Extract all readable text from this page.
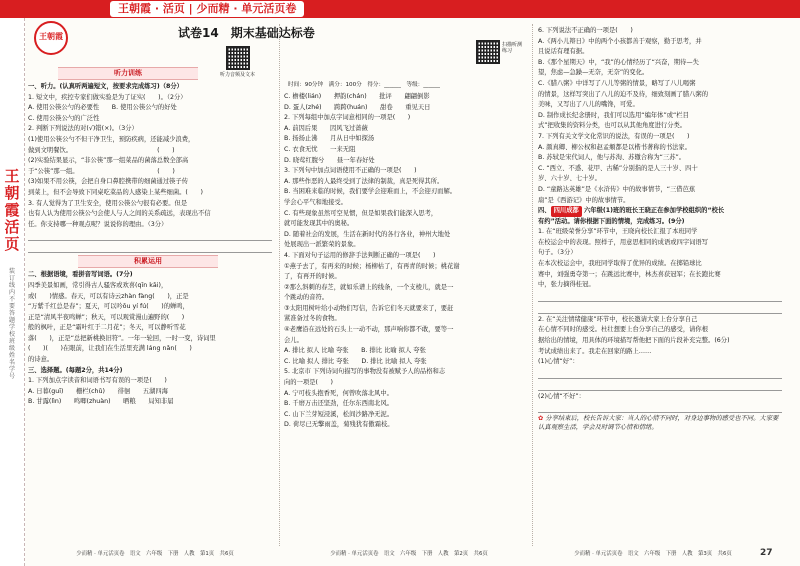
王朝霞 · 活页 | 少而精 · 单元活页卷
王朝霞活页
装订线 内不要答题 学校 班级 姓名 学号
王朝霞	试卷14　期末基础达标卷

听力训练	听力音频及文本

一、听力。(认真听两遍短文，按要求完成练习)（8分）

1. 短文中，疾控专家们做实验是为了证实(　　)。（2分）

A. 使用公筷公勺的必要性　　B. 使用公筷公勺的好处

C. 使用公筷公勺的广泛性

2. 判断下列说法的对(√)错(×)。（3分）

(1)使用公筷公勺不但干净卫生，预防疾病，还能减少浪费，

做到文明餐饮。　　　　　　　　　　　　　　(　　)

(2)实验结果显示，“非公筷”那一组菜品的菌落总数全部高

于“公筷”那一组。　　　　　　　　　　　　　(　　)

(3)如果不用公筷，会把自身口鼻腔携带的细菌通过筷子传

到菜上，但不会导致下同桌吃菜品的人感染上某些细菌。(　　)

3. 有人觉得为了卫生安全，使用公筷公勺很有必要。但是

也有人认为使用公筷公勺会使人与人之间的关系疏远，表现出不信

任。你支持哪一种观点呢？说说你的理由。（3分）

积累运用

二、根据语境，看拼音写词语。(7分)

四季美景如画，常引得古人骚客或欢喜(qīn kāi)，

或(　　)情感。春天，可以有诗云zhàn fàng(　　)，正是

“万紫千红总是春”；夏天，可以吟ōu yí fú(　　)的蝉鸣，

正是“清风半夜鸣蝉”；秋天，可以观赏漫山遍野的(　　)

般的枫叶，正是“霜叶红于二月花”；冬天，可以静听雪花

落(　　)，正是“总把新桃换旧符”。一年一轮回，一时一变，诗词里

(　　)(　　)在眼前，让我们在生活里充满 láng nǎn(　　)

的诗意。

三、选择题。(每题2分，共14分)

1. 下列加点字读音和词语书写有误的一项是(　　)

A. 日暮(guī)　　栅栏(chǔ)　　徘徊　　五湖四海

B. 甘露(lìn)　　鸣唧(zhuàn)　　晒粮　　局知非届

少而精 · 单元活页卷　语文　六年级　下册　人教　第1页　共6页

时间：90分钟　满分：100分　得分：______　等级：______

扫描听测练习

C. 檐楼(lián)　　押韵(chán)　　批评　　翩翩倒影

D. 蛋人(zhé)　　跨跨(huán)　　甜卷　　重见天日

2. 下列每组中加点字词意相同的一项是(　　)

A. 前因后果　　因风飞过蔷薇

B. 扬扬止沸　　月从日中如探汤

C. 衣食无忧　　一来无阻

D. 晓莺红腹兮　　昼一年春好处

3. 下列句中加点词语使用不正确的一项是(　　)

A. 那些作恶的人最终受到了法律的制裁，真是死得其所。

B. 当困难来临的时候，我们要学会迎难而上，不会迎刃而解。

学会心平气和地接受。

C. 有些现象虽然可空见惯，但是如果我们能深入思考，

就可能发现其中的奥秘。

D. 随着社会的发展，生活在新时代的各行各业，神州大地处

处展现出一派繁荣的景象。

4. 下面对句子运用的修辞手法判断正确的一项是(　　)

①燕子去了，有再来的时候；杨柳枯了，有再青的时候；桃花谢

了，有再开的时候。

②那么斜刺的春芝，就如乐谱上的线条，一个支棱儿，就是一

个跳动的音符。

③太阳用树叶给小动物们写信，告诉它们冬天就要来了，要赶

紧准备过冬的食物。

④老鹰沿在远处的石头上一动不动，那声响你都不敢，要等一

会儿。

A. 排比 拟人 比喻 夸张　　B. 排比 比喻 拟人 夸张

C. 比喻 拟人 排比 夸张　　D. 排比 比喻 拟人 夸张

5. 北京市 下列诗词句描写的事物没有被赋予人的品格和志

向的一项是(　　)

A. 宁可枝头抱香死，何曾吹落北风中。

B. 千磨万击还坚劲，任尔东西南北风。

C. 山下兰芽短浸溪，松间沙路净无泥。

D. 荷尽已无擎雨盖，菊残犹有傲霜枝。

少而精 · 单元活页卷　语文　六年级　下册　人教　第2页　共6页

6. 下列说法不正确的一项是(　　)

A.《两小儿辩日》中的两个小孩都善于观察，勤于思考，并

且说话有理有据。

B.《那个星期天》中，“我”的心情经历了“兴奋，期待—失

望，焦虑—急躁—无奈，无奈”的变化。

C.《腊八粥》中详写了八儿等粥的情景，略写了八儿喝粥

的情景，这样写突出了八儿的迫不及待，细致刻画了腊八粥的

美味，又写出了八儿的嘴馋，可爱。

D. 制作成长纪念册时，我们可以选用“编年体”或“栏目

式”把收集的资料分类，也可以从其他角度进行分类。

7. 下列有关文学文化常识的说法，有误的一项是(　　)

A. 颜真卿、柳公权和赵孟頫都是以楷书著称的书法家。

B. 苏轼是宋代词人，他与苏洵、苏辙合称为“三苏”。

C. “西立、不惑、花甲、古稀”分别指的是人三十岁、四十

岁、六十岁、七十岁。

D. “童路达英雄”是《水浒传》中的故事情节，“三借芭蕉

扇”是《西游记》中的故事情节。

四、 四川成都 六年级(1)班的班长王晓正在参加学校组织的“校长

有约”活动。请你根据下面的情境，完成练习。(9分)

1. 在“班级荣誉分享”环节中，王晓向校长汇报了本班同学

在校运会中的表现。照样子，用意思相同的成语或四字词语写

句子。（3分）

在本次校运会中，我班同学取得了优异的成绩。在掷铅球比

赛中，刘强勇夺第一；在跳远比赛中，林杰喜获冠军；在长跑比赛

中，张力摘得桂冠。

2. 在“关注情绪健康”环节中，校长邀请大家上台分享自己

在心情不同时的感受。杜壮想要上台分享自己的感受，请你根

据给出的情境，用具体的环境描写帮他把下面的片段补充完整。(6分)

考试成绩出来了。我走在回家的路上……

(1)心情“好”：

(2)心情“不好”：

✿ 分享结束后，校长告诉大家：当人的心情不同时，对身边事物的感受也不同。大家要认真观察生活，学会及时调节心情和情绪。

少而精 · 单元活页卷　语文　六年级　下册　人教　第3页　共6页	27
